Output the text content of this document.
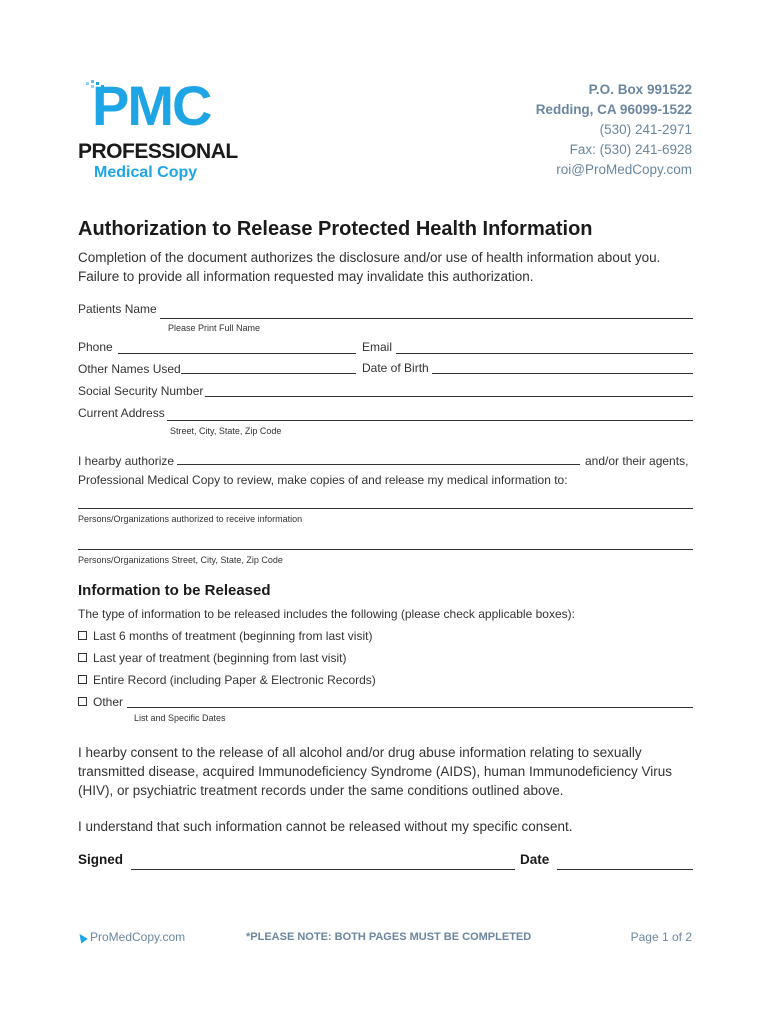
PMC
PROFESSIONAL
Medical Copy
P.O. Box 991522
Redding, CA 96099-1522
(530) 241-2971
Fax: (530) 241-6928
roi@ProMedCopy.com
Authorization to Release Protected Health Information
Completion of the document authorizes the disclosure and/or use of health information about you. Failure to provide all information requested may invalidate this authorization.
Patients Name
Please Print Full Name
Phone	Email
Other Names Used	Date of Birth
Social Security Number
Current Address
Street, City, State, Zip Code
I hearby authorize	and/or their agents,
Professional Medical Copy to review, make copies of and release my medical information to:
Persons/Organizations authorized to receive information
Persons/Organizations Street, City, State, Zip Code
Information to be Released
The type of information to be released includes the following (please check applicable boxes):
Last 6 months of treatment (beginning from last visit)
Last year of treatment (beginning from last visit)
Entire Record (including Paper & Electronic Records)
Other
List and Specific Dates
I hearby consent to the release of all alcohol and/or drug abuse information relating to sexually transmitted disease, acquired Immunodeficiency Syndrome (AIDS), human Immunodeficiency Virus (HIV), or psychiatric treatment records under the same conditions outlined above.
I understand that such information cannot be released without my specific consent.
Signed	Date
ProMedCopy.com	*PLEASE NOTE: BOTH PAGES MUST BE COMPLETED	Page 1 of 2
